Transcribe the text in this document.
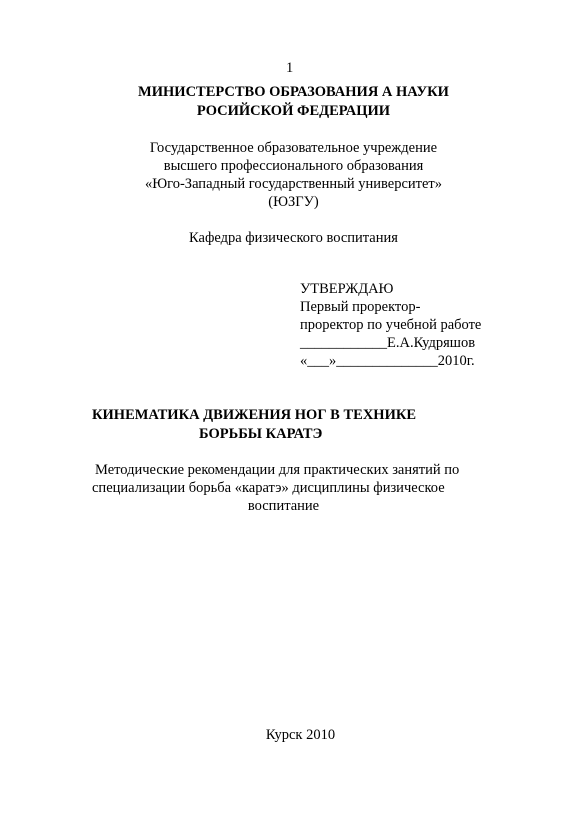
1
МИНИСТЕРСТВО ОБРАЗОВАНИЯ А НАУКИ
РОСИЙСКОЙ ФЕДЕРАЦИИ
Государственное образовательное учреждение
высшего профессионального образования
«Юго-Западный государственный университет»
(ЮЗГУ)
Кафедра физического воспитания
УТВЕРЖДАЮ
Первый проректор-
проректор по учебной работе
____________Е.А.Кудряшов
«___»______________2010г.
КИНЕМАТИКА ДВИЖЕНИЯ НОГ В ТЕХНИКЕ
БОРЬБЫ КАРАТЭ
Методические рекомендации для практических занятий по
специализации борьба «каратэ» дисциплины физическое
воспитание
Курск 2010
